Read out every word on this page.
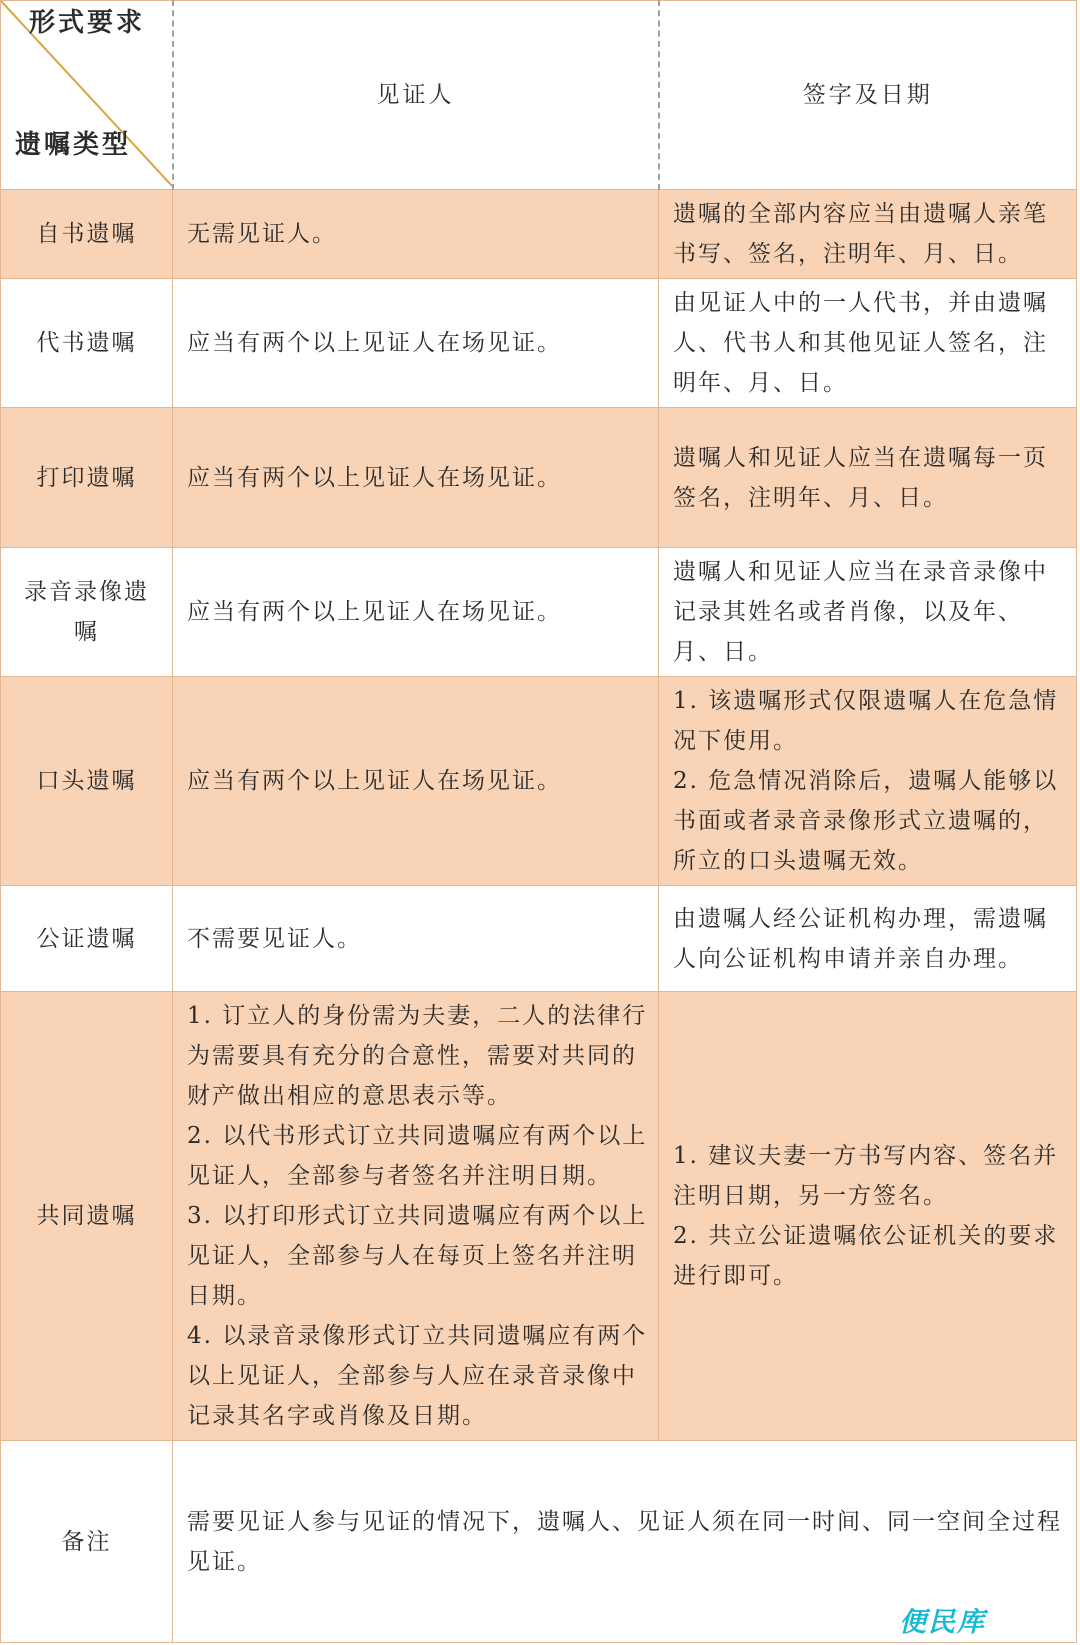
形式要求
遗嘱类型	见证人	签字及日期
自书遗嘱	无需见证人。	遗嘱的全部内容应当由遗嘱人亲笔书写、签名，注明年、月、日。

代书遗嘱	应当有两个以上见证人在场见证。	由见证人中的一人代书，并由遗嘱人、代书人和其他见证人签名，注明年、月、日。

打印遗嘱	应当有两个以上见证人在场见证。	遗嘱人和见证人应当在遗嘱每一页签名，注明年、月、日。

录音录像遗嘱	应当有两个以上见证人在场见证。	遗嘱人和见证人应当在录音录像中记录其姓名或者肖像，以及年、月、日。

口头遗嘱	应当有两个以上见证人在场见证。	1. 该遗嘱形式仅限遗嘱人在危急情况下使用。
2. 危急情况消除后，遗嘱人能够以书面或者录音录像形式立遗嘱的，所立的口头遗嘱无效。

公证遗嘱	不需要见证人。	由遗嘱人经公证机构办理，需遗嘱人向公证机构申请并亲自办理。

共同遗嘱	1. 订立人的身份需为夫妻，二人的法律行为需要具有充分的合意性，需要对共同的财产做出相应的意思表示等。
2. 以代书形式订立共同遗嘱应有两个以上见证人，全部参与者签名并注明日期。
3. 以打印形式订立共同遗嘱应有两个以上见证人，全部参与人在每页上签名并注明日期。
4. 以录音录像形式订立共同遗嘱应有两个以上见证人，全部参与人应在录音录像中记录其名字或肖像及日期。	1. 建议夫妻一方书写内容、签名并注明日期，另一方签名。
2. 共立公证遗嘱依公证机关的要求进行即可。

备注	需要见证人参与见证的情况下，遗嘱人、见证人须在同一时间、同一空间全过程见证。	
便民库
